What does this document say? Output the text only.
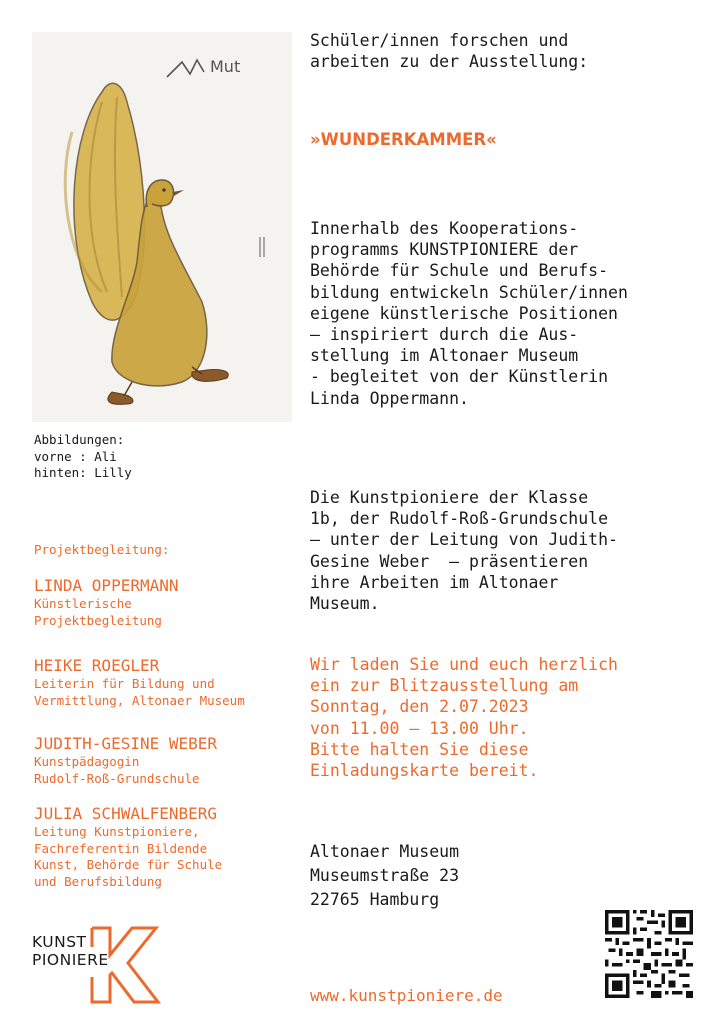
Mut
Abbildungen:
vorne : Ali
hinten: Lilly
Schüler/innen forschen und
arbeiten zu der Ausstellung:
»WUNDERKAMMER«
Innerhalb des Kooperations-
programms KUNSTPIONIERE der
Behörde für Schule und Berufs-
bildung entwickeln Schüler/innen
eigene künstlerische Positionen
– inspiriert durch die Aus-
stellung im Altonaer Museum
- begleitet von der Künstlerin
Linda Oppermann.
Die Kunstpioniere der Klasse
1b, der Rudolf-Roß-Grundschule
– unter der Leitung von Judith-
Gesine Weber  – präsentieren
ihre Arbeiten im Altonaer
Museum.
Wir laden Sie und euch herzlich
ein zur Blitzausstellung am
Sonntag, den 2.07.2023
von 11.00 – 13.00 Uhr.
Bitte halten Sie diese
Einladungskarte bereit.
Altonaer Museum
Museumstraße 23
22765 Hamburg
www.kunstpioniere.de
Projektbegleitung:
LINDA OPPERMANN
Künstlerische
Projektbegleitung
HEIKE ROEGLER
Leiterin für Bildung und
Vermittlung, Altonaer Museum
JUDITH-GESINE WEBER
Kunstpädagogin
Rudolf-Roß-Grundschule
JULIA SCHWALFENBERG
Leitung Kunstpioniere,
Fachreferentin Bildende
Kunst, Behörde für Schule
und Berufsbildung
KUNST
PIONIERE
